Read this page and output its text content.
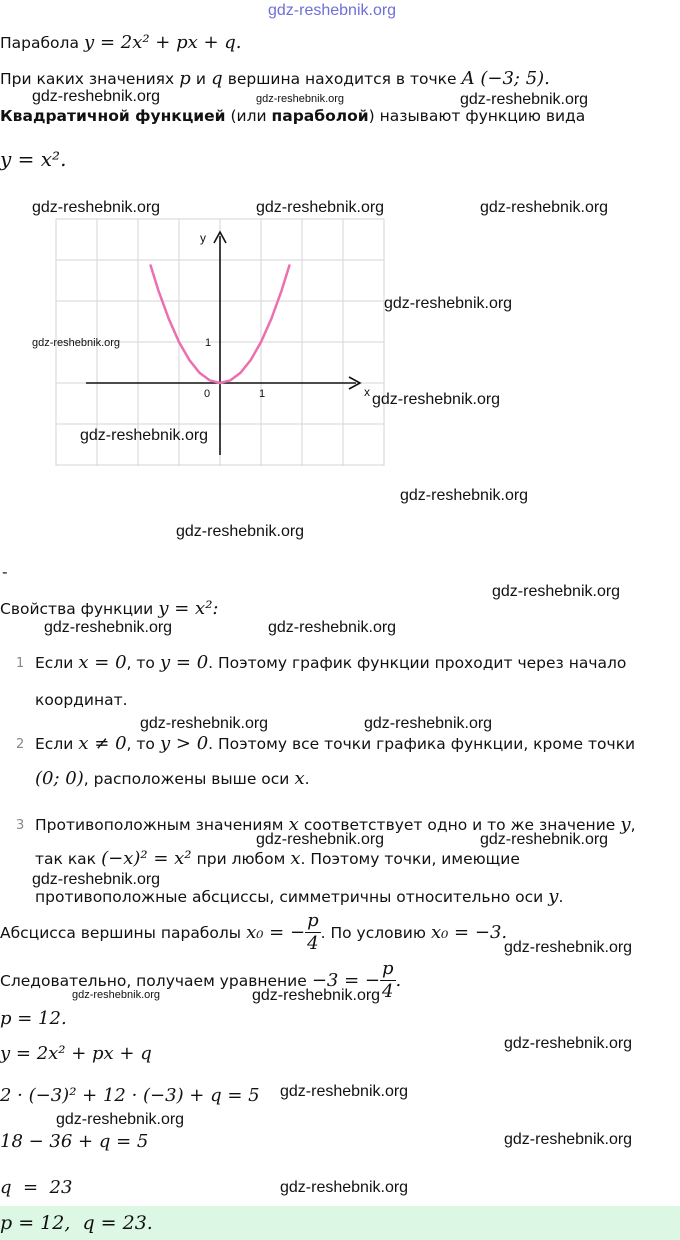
gdz-reshebnik.org
Парабола y = 2x² + px + q.
При каких значениях p и q вершина находится в точке A (−3; 5).
gdz-reshebnik.org	gdz-reshebnik.org	gdz-reshebnik.org
Квадратичной функцией (или параболой) называют функцию вида
y = x².
gdz-reshebnik.org	gdz-reshebnik.org	gdz-reshebnik.org
y
x
1
0	1
gdz-reshebnik.org
gdz-reshebnik.org
gdz-reshebnik.org
gdz-reshebnik.org
gdz-reshebnik.org
gdz-reshebnik.org
-
Свойства функции y = x²:
gdz-reshebnik.org
gdz-reshebnik.org	gdz-reshebnik.org
1 Если x = 0, то y = 0. Поэтому график функции проходит через начало
координат.
gdz-reshebnik.org	gdz-reshebnik.org
2 Если x ≠ 0, то y > 0. Поэтому все точки графика функции, кроме точки
(0; 0), расположены выше оси x.
3 Противоположным значениям x соответствует одно и то же значение y,
gdz-reshebnik.org	gdz-reshebnik.org
так как (−x)² = x² при любом x. Поэтому точки, имеющие
gdz-reshebnik.org
противоположные абсциссы, симметричны относительно оси y.
Абсцисса вершины параболы
x₀ = − $\frac{p}{4}$ . По условию
x₀ = −3.
gdz-reshebnik.org
Следовательно, получаем уравнение
−3 = − $\frac{p}{4}$ .
gdz-reshebnik.org	gdz-reshebnik.org
p = 12.
y = 2x² + px + q	gdz-reshebnik.org
2 · (−3)² + 12 · (−3) + q = 5 gdz-reshebnik.org
gdz-reshebnik.org
18 − 36 + q = 5	gdz-reshebnik.org
q  =  23	gdz-reshebnik.org
p = 12,  q = 23.
